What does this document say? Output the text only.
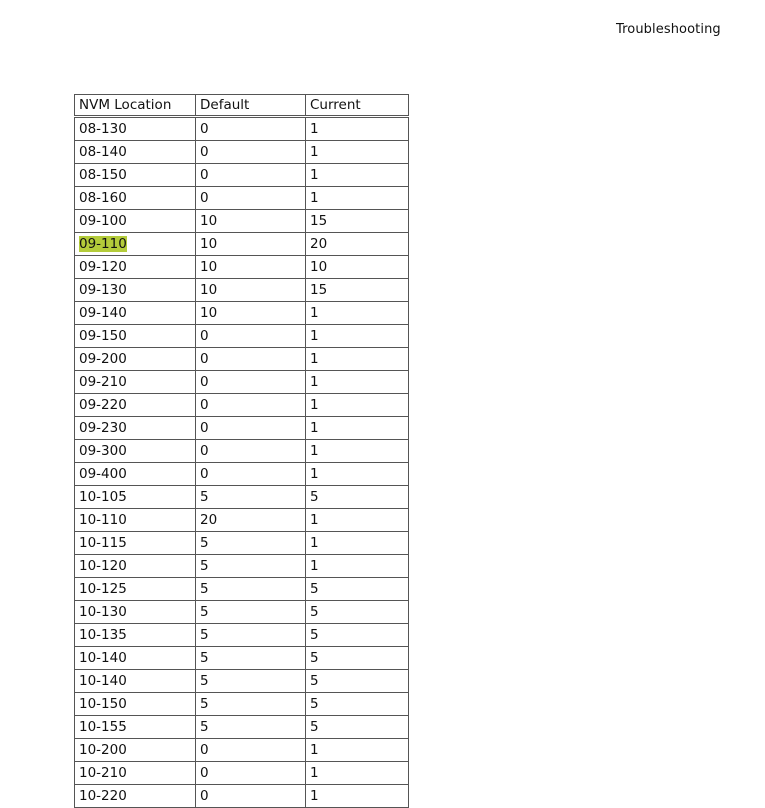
Troubleshooting
NVM Location	Default	Current
08-130	0	1
08-140	0	1
08-150	0	1
08-160	0	1
09-100	10	15
09-110	10	20
09-120	10	10
09-130	10	15
09-140	10	1
09-150	0	1
09-200	0	1
09-210	0	1
09-220	0	1
09-230	0	1
09-300	0	1
09-400	0	1
10-105	5	5
10-110	20	1
10-115	5	1
10-120	5	1
10-125	5	5
10-130	5	5
10-135	5	5
10-140	5	5
10-140	5	5
10-150	5	5
10-155	5	5
10-200	0	1
10-210	0	1
10-220	0	1
